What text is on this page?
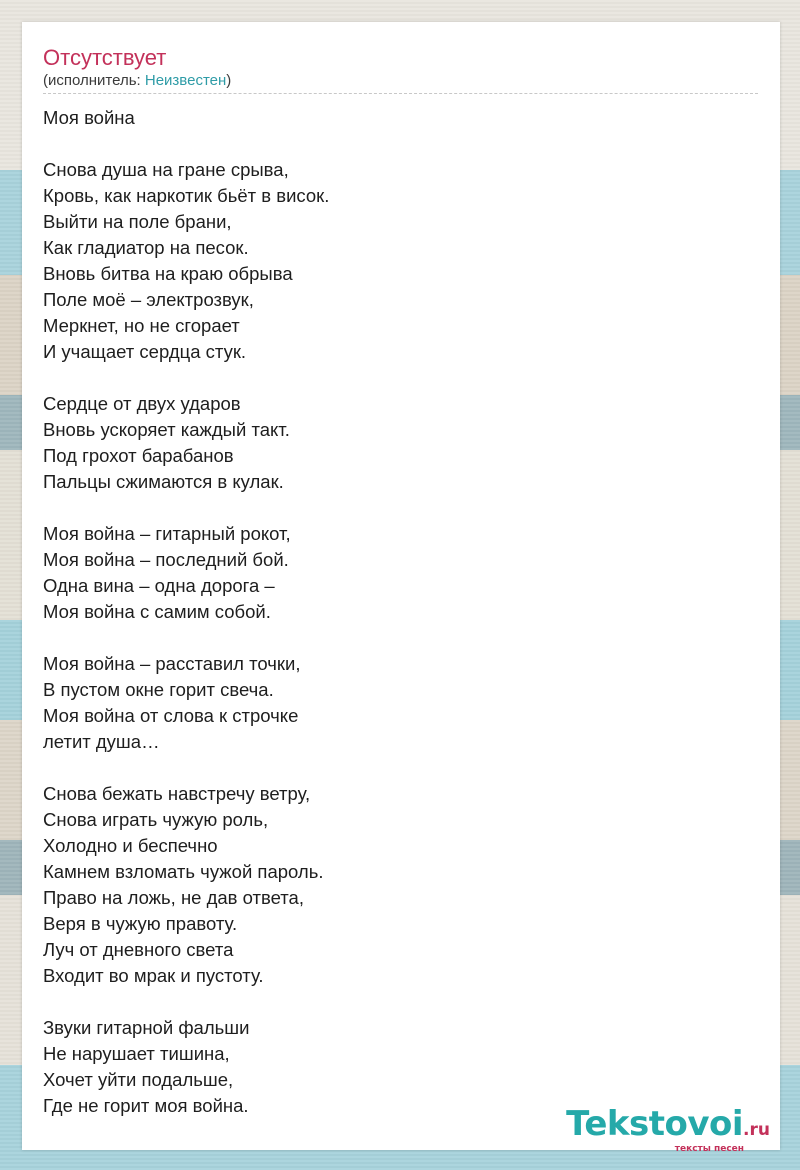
Отсутствует
(исполнитель: Неизвестен)
Моя война
Снова душа на гране срыва,
Кровь, как наркотик бьёт в висок.
Выйти на поле брани,
Как гладиатор на песок.
Вновь битва на краю обрыва
Поле моё – электрозвук,
Меркнет, но не сгорает
И учащает сердца стук.
Сердце от двух ударов
Вновь ускоряет каждый такт.
Под грохот барабанов
Пальцы сжимаются в кулак.
Моя война – гитарный рокот,
Моя война – последний бой.
Одна вина – одна дорога –
Моя война с самим собой.
Моя война – расставил точки,
В пустом окне горит свеча.
Моя война от слова к строчке
летит душа…
Снова бежать навстречу ветру,
Снова играть чужую роль,
Холодно и беспечно
Камнем взломать чужой пароль.
Право на ложь, не дав ответа,
Веря в чужую правоту.
Луч от дневного света
Входит во мрак и пустоту.
Звуки гитарной фальши
Не нарушает тишина,
Хочет уйти подальше,
Где не горит моя война.	Tekstovoi.ru
тексты песен
